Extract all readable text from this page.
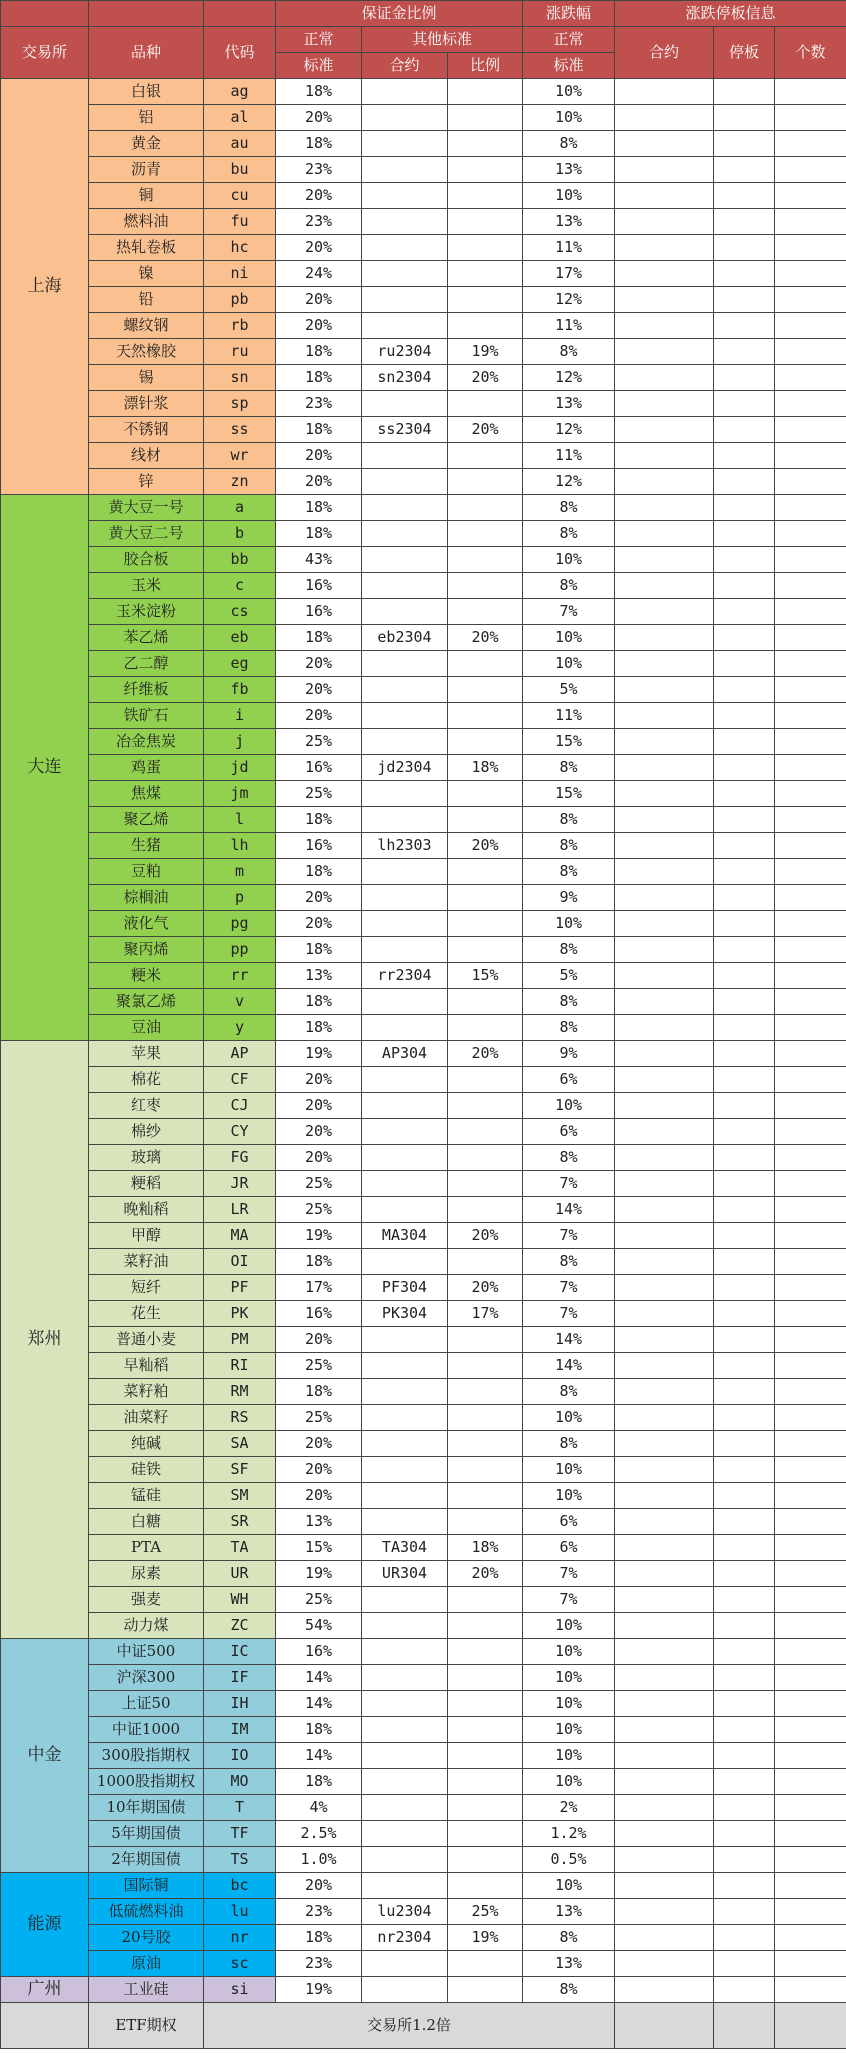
			保证金比例			涨跌幅	涨跌停板信息		
交易所	品种	代码	正常	其他标准		正常	合约	停板	个数
			标准	合约	比例	标准			
上海	白银	ag	18%			10%			
	铝	al	20%			10%			
	黄金	au	18%			8%			
	沥青	bu	23%			13%			
	铜	cu	20%			10%			
	燃料油	fu	23%			13%			
	热轧卷板	hc	20%			11%			
	镍	ni	24%			17%			
	铅	pb	20%			12%			
	螺纹钢	rb	20%			11%			
	天然橡胶	ru	18%	ru2304	19%	8%			
	锡	sn	18%	sn2304	20%	12%			
	漂针浆	sp	23%			13%			
	不锈钢	ss	18%	ss2304	20%	12%			
	线材	wr	20%			11%			
	锌	zn	20%			12%			
大连	黄大豆一号	a	18%			8%			
	黄大豆二号	b	18%			8%			
	胶合板	bb	43%			10%			
	玉米	c	16%			8%			
	玉米淀粉	cs	16%			7%			
	苯乙烯	eb	18%	eb2304	20%	10%			
	乙二醇	eg	20%			10%			
	纤维板	fb	20%			5%			
	铁矿石	i	20%			11%			
	冶金焦炭	j	25%			15%			
	鸡蛋	jd	16%	jd2304	18%	8%			
	焦煤	jm	25%			15%			
	聚乙烯	l	18%			8%			
	生猪	lh	16%	lh2303	20%	8%			
	豆粕	m	18%			8%			
	棕榈油	p	20%			9%			
	液化气	pg	20%			10%			
	聚丙烯	pp	18%			8%			
	粳米	rr	13%	rr2304	15%	5%			
	聚氯乙烯	v	18%			8%			
	豆油	y	18%			8%			
郑州	苹果	AP	19%	AP304	20%	9%			
	棉花	CF	20%			6%			
	红枣	CJ	20%			10%			
	棉纱	CY	20%			6%			
	玻璃	FG	20%			8%			
	粳稻	JR	25%			7%			
	晚籼稻	LR	25%			14%			
	甲醇	MA	19%	MA304	20%	7%			
	菜籽油	OI	18%			8%			
	短纤	PF	17%	PF304	20%	7%			
	花生	PK	16%	PK304	17%	7%			
	普通小麦	PM	20%			14%			
	早籼稻	RI	25%			14%			
	菜籽粕	RM	18%			8%			
	油菜籽	RS	25%			10%			
	纯碱	SA	20%			8%			
	硅铁	SF	20%			10%			
	锰硅	SM	20%			10%			
	白糖	SR	13%			6%			
	PTA	TA	15%	TA304	18%	6%			
	尿素	UR	19%	UR304	20%	7%			
	强麦	WH	25%			7%			
	动力煤	ZC	54%			10%			
中金	中证500	IC	16%			10%			
	沪深300	IF	14%			10%			
	上证50	IH	14%			10%			
	中证1000	IM	18%			10%			
	300股指期权	IO	14%			10%			
	1000股指期权	MO	18%			10%			
	10年期国债	T	4%			2%			
	5年期国债	TF	2.5%			1.2%			
	2年期国债	TS	1.0%			0.5%			
能源	国际铜	bc	20%			10%			
	低硫燃料油	lu	23%	lu2304	25%	13%			
	20号胶	nr	18%	nr2304	19%	8%			
	原油	sc	23%			13%			
广州	工业硅	si	19%			8%			
	ETF期权	交易所1.2倍							
